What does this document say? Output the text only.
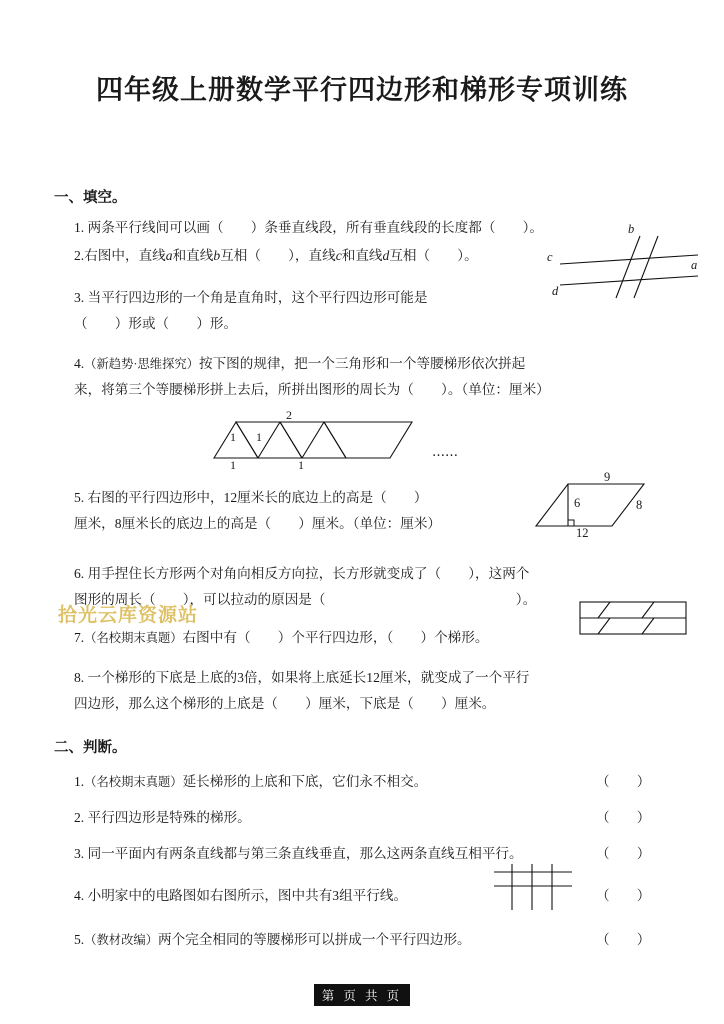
四年级上册数学平行四边形和梯形专项训练
一、填空。
1. 两条平行线间可以画（　　）条垂直线段，所有垂直线段的长度都（　　）。
2.右图中，直线a和直线b互相（　　），直线c和直线d互相（　　）。
b
a
c
d
3. 当平行四边形的一个角是直角时，这个平行四边形可能是
（　　）形或（　　）形。
4.（新趋势·思维探究）按下图的规律，把一个三角形和一个等腰梯形依次拼起
来，将第三个等腰梯形拼上去后，所拼出图形的周长为（　　）。（单位：厘米）
……
1 1
2
1	1
5. 右图的平行四边形中，12厘米长的底边上的高是（　　）
厘米，8厘米长的底边上的高是（　　）厘米。（单位：厘米）
6
9
8
12
6. 用手捏住长方形两个对角向相反方向拉，长方形就变成了（　　），这两个
图形的周长（　　），可以拉动的原因是（　　　　　　　　　　　　　　）。
7.（名校期末真题）右图中有（　　）个平行四边形，（　　）个梯形。
8. 一个梯形的下底是上底的3倍，如果将上底延长12厘米，就变成了一个平行
四边形，那么这个梯形的上底是（　　）厘米，下底是（　　）厘米。
二、判断。
1.（名校期末真题）延长梯形的上底和下底，它们永不相交。	（　　）
2. 平行四边形是特殊的梯形。	（　　）
3. 同一平面内有两条直线都与第三条直线垂直，那么这两条直线互相平行。	（　　）
4. 小明家中的电路图如右图所示，图中共有3组平行线。	（　　）
5.（教材改编）两个完全相同的等腰梯形可以拼成一个平行四边形。	（　　）
拾光云库资源站
第 页 共 页
